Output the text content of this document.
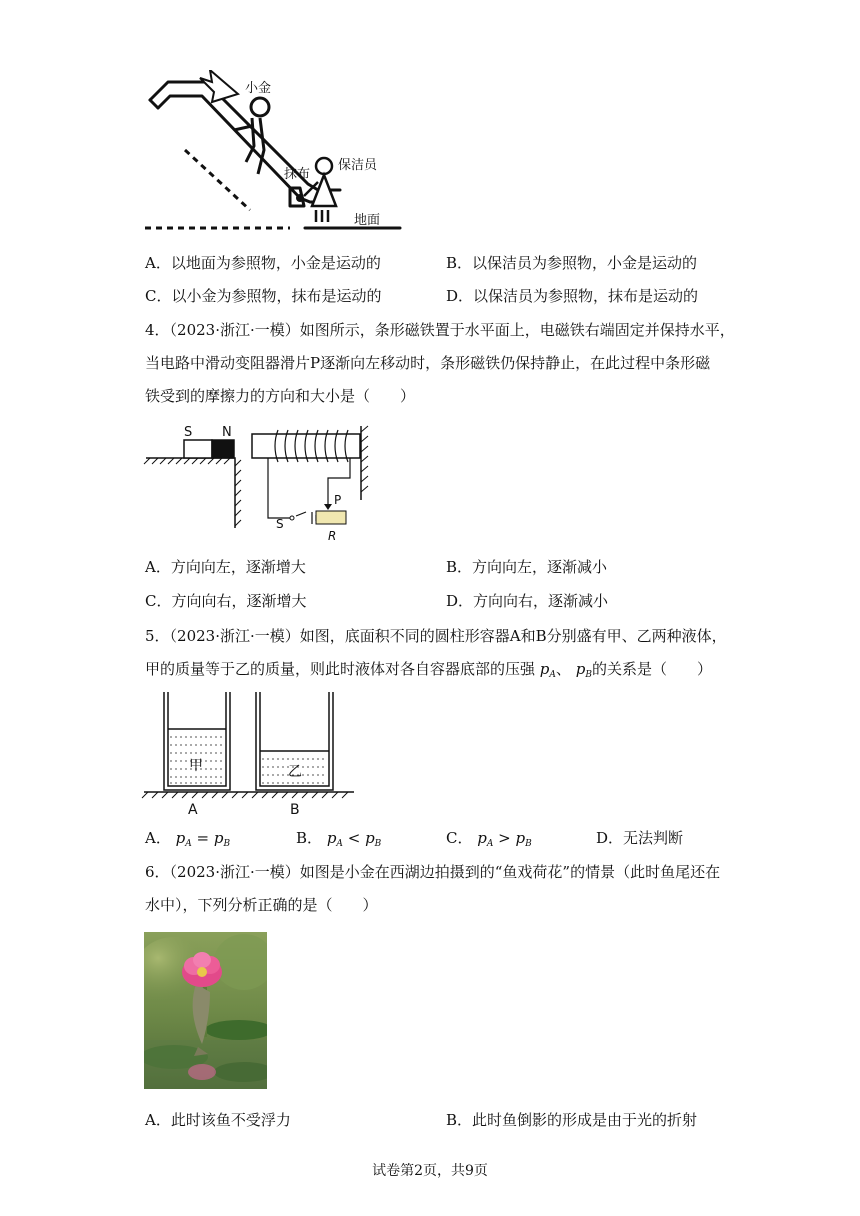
小金
保洁员
抹布
地面
A．以地面为参照物，小金是运动的	B．以保洁员为参照物，小金是运动的
C．以小金为参照物，抹布是运动的	D．以保洁员为参照物，抹布是运动的
4．（2023·浙江·一模）如图所示，条形磁铁置于水平面上，电磁铁右端固定并保持水平，
当电路中滑动变阻器滑片P逐渐向左移动时，条形磁铁仍保持静止，在此过程中条形磁
铁受到的摩擦力的方向和大小是（　　）
S N
P
S
R
A．方向向左，逐渐增大	B．方向向左，逐渐减小
C．方向向右，逐渐增大	D．方向向右，逐渐减小
5．（2023·浙江·一模）如图，底面积不同的圆柱形容器A和B分别盛有甲、乙两种液体，
甲的质量等于乙的质量，则此时液体对各自容器底部的压强 $p_A$、 $p_B$的关系是（　　）
甲	乙
A	B
A． $p_A = p_B$	B． $p_A < p_B$	C． $p_A > p_B$	D．无法判断
6．（2023·浙江·一模）如图是小金在西湖边拍摄到的“鱼戏荷花”的情景（此时鱼尾还在
水中），下列分析正确的是（　　）
A．此时该鱼不受浮力	B．此时鱼倒影的形成是由于光的折射
试卷第2页，共9页
